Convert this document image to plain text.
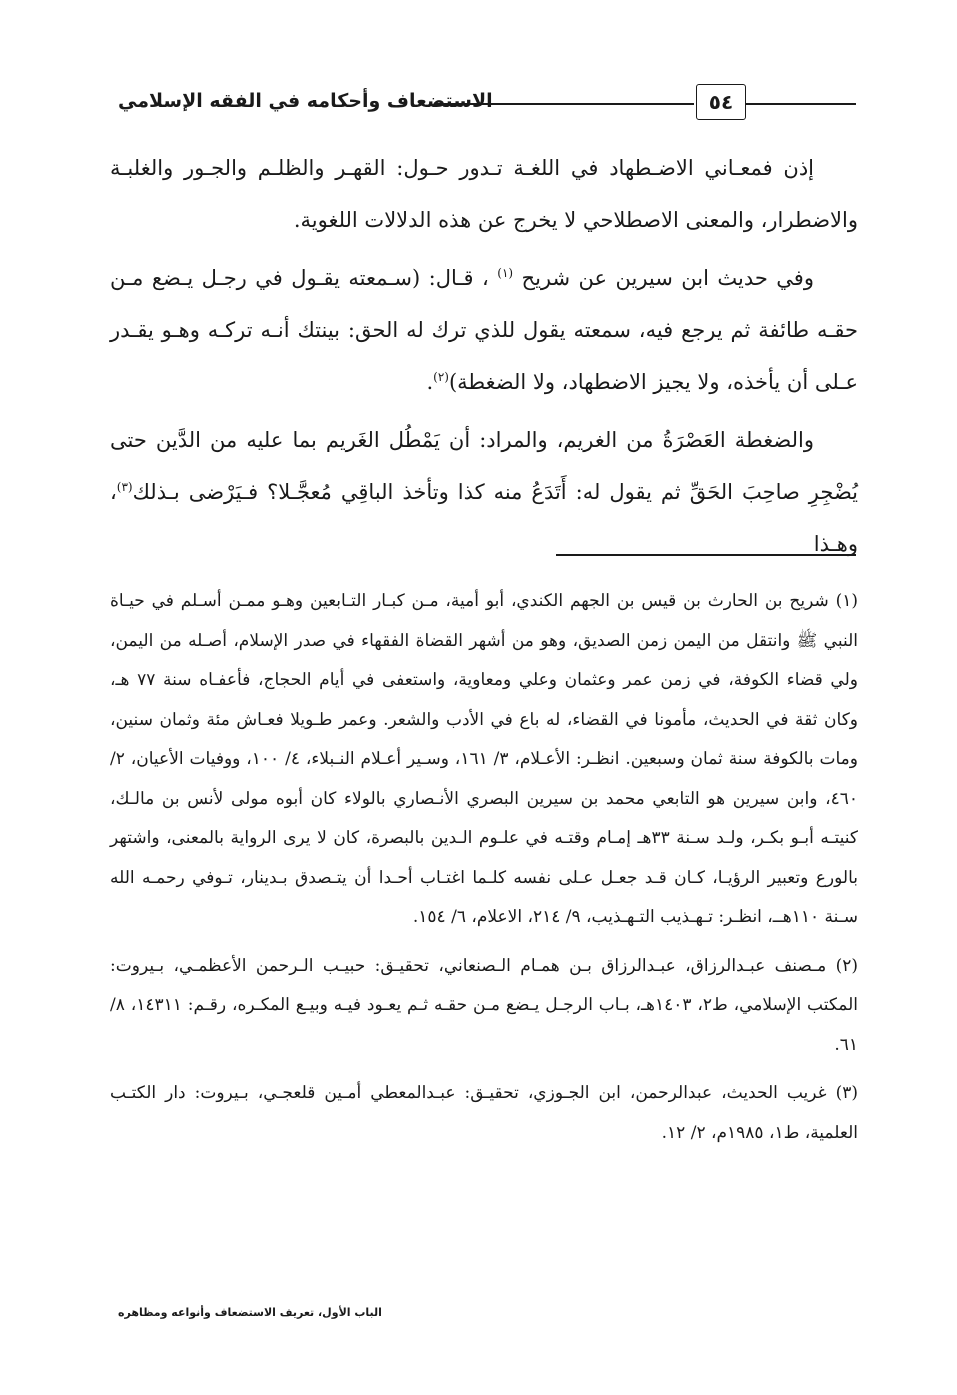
الاستضعاف وأحكامه في الفقه الإسلامي	٥٤

إذن فمعـاني الاضـطهاد في اللغـة تـدور حـول: القهـر والظلـم والجـور والغلبـة والاضطرار، والمعنى الاصطلاحي لا يخرج عن هذه الدلالات اللغوية.

وفي حديث ابن سيرين عن شريح $^{(١)}$ ، قـال: (سـمعته يقـول في رجـل يـضع مـن حقـه طائفة ثم يرجع فيه، سمعته يقول للذي ترك له الحق: بينتك أنـه تركـه وهـو يقـدر عـلى أن يأخذه، ولا يجيز الاضطهاد، ولا الضغطة)$^{(٢)}$.

والضغطة العَصْرَةُ من الغريم، والمراد: أن يَمْطُل الغَريم بما عليه من الدَّين حتى يُضْجِرِ صاحِبَ الحَقِّ ثم يقول له: أَتَدَعُ منه كذا وتأخذ الباقِي مُعجَّـلا؟ فـيَرْضى بـذلك$^{(٣)}$، وهـذا

(١) شريح بن الحارث بن قيس بن الجهم الكندي، أبو أمية، مـن كبـار التـابعين وهـو ممـن أسـلم في حيـاة النبي ﷺ وانتقل من اليمن زمن الصديق، وهو من أشهر القضاة الفقهاء في صدر الإسلام، أصـله من اليمن، ولي قضاء الكوفة، في زمن عمر وعثمان وعلي ومعاوية، واستعفى في أيام الحجاج، فأعفـاه سنة ٧٧ هـ، وكان ثقة في الحديث، مأمونا في القضاء، له باع في الأدب والشعر. وعمر طـويلا فعـاش مئة وثمان سنين، ومات بالكوفة سنة ثمان وسبعين. انظـر: الأعـلام، ٣/ ١٦١، وسـير أعـلام النـبلاء، ٤/ ١٠٠، ووفيات الأعيان، ٢/ ٤٦٠، وابن سيرين هو التابعي محمد بن سيرين البصري الأنـصاري بالولاء كان أبوه مولى لأنس بن مالـك، كنيتـه أبـو بكـر، ولـد سـنة ٣٣هـ إمـام وقتـه في علـوم الـدين بالبصرة، كان لا يرى الرواية بالمعنى، واشتهر بالورع وتعبير الرؤيـا، كـان قـد جعـل عـلى نفسه كلـما اغتـاب أحـدا أن يتـصدق بـدينار، تـوفي رحمـه الله سـنة ١١٠هــ، انظـر: تـهـذيب التـهـذيب، ٩/ ٢١٤، الاعلام، ٦/ ١٥٤.

(٢) مـصنف عبـدالرزاق، عبـدالرزاق بـن همـام الـصنعاني، تحقيـق: حبيـب الـرحمن الأعظمـي، بـيروت: المكتب الإسلامي، ط٢، ١٤٠٣هـ، بـاب الرجـل يـضع مـن حقـه ثـم يعـود فيـه وبيـع المكـره، رقـم: ١٤٣١١، ٨/ ٦١.

(٣) غريب الحديث، عبدالرحمن، ابن الجـوزي، تحقيـق: عبـدالمعطي أمـين قلعجـي، بـيروت: دار الكتـب العلمية، ط١، ١٩٨٥م، ٢/ ١٢.

الباب الأول، تعريف الاستضعاف وأنواعه ومظاهره
